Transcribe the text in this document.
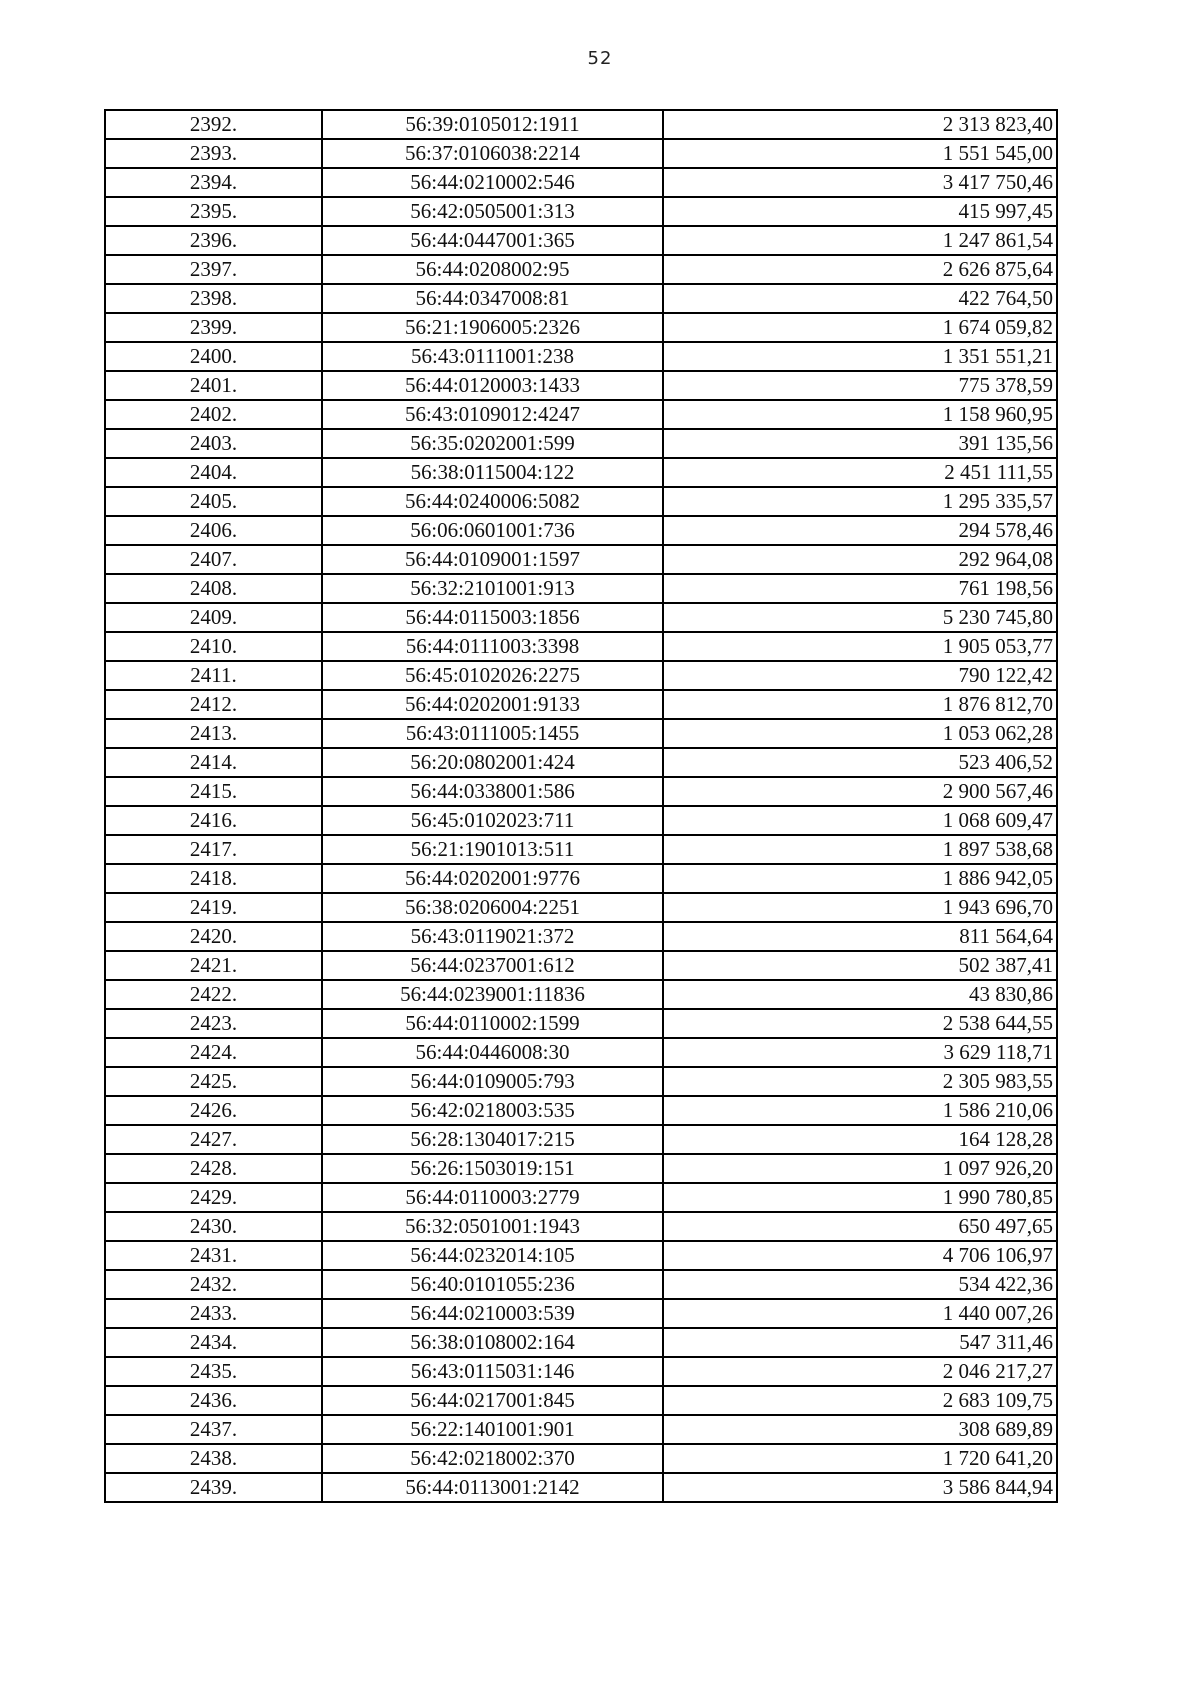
52
2392.	56:39:0105012:1911	2 313 823,40
2393.	56:37:0106038:2214	1 551 545,00
2394.	56:44:0210002:546	3 417 750,46
2395.	56:42:0505001:313	415 997,45
2396.	56:44:0447001:365	1 247 861,54
2397.	56:44:0208002:95	2 626 875,64
2398.	56:44:0347008:81	422 764,50
2399.	56:21:1906005:2326	1 674 059,82
2400.	56:43:0111001:238	1 351 551,21
2401.	56:44:0120003:1433	775 378,59
2402.	56:43:0109012:4247	1 158 960,95
2403.	56:35:0202001:599	391 135,56
2404.	56:38:0115004:122	2 451 111,55
2405.	56:44:0240006:5082	1 295 335,57
2406.	56:06:0601001:736	294 578,46
2407.	56:44:0109001:1597	292 964,08
2408.	56:32:2101001:913	761 198,56
2409.	56:44:0115003:1856	5 230 745,80
2410.	56:44:0111003:3398	1 905 053,77
2411.	56:45:0102026:2275	790 122,42
2412.	56:44:0202001:9133	1 876 812,70
2413.	56:43:0111005:1455	1 053 062,28
2414.	56:20:0802001:424	523 406,52
2415.	56:44:0338001:586	2 900 567,46
2416.	56:45:0102023:711	1 068 609,47
2417.	56:21:1901013:511	1 897 538,68
2418.	56:44:0202001:9776	1 886 942,05
2419.	56:38:0206004:2251	1 943 696,70
2420.	56:43:0119021:372	811 564,64
2421.	56:44:0237001:612	502 387,41
2422.	56:44:0239001:11836	43 830,86
2423.	56:44:0110002:1599	2 538 644,55
2424.	56:44:0446008:30	3 629 118,71
2425.	56:44:0109005:793	2 305 983,55
2426.	56:42:0218003:535	1 586 210,06
2427.	56:28:1304017:215	164 128,28
2428.	56:26:1503019:151	1 097 926,20
2429.	56:44:0110003:2779	1 990 780,85
2430.	56:32:0501001:1943	650 497,65
2431.	56:44:0232014:105	4 706 106,97
2432.	56:40:0101055:236	534 422,36
2433.	56:44:0210003:539	1 440 007,26
2434.	56:38:0108002:164	547 311,46
2435.	56:43:0115031:146	2 046 217,27
2436.	56:44:0217001:845	2 683 109,75
2437.	56:22:1401001:901	308 689,89
2438.	56:42:0218002:370	1 720 641,20
2439.	56:44:0113001:2142	3 586 844,94
